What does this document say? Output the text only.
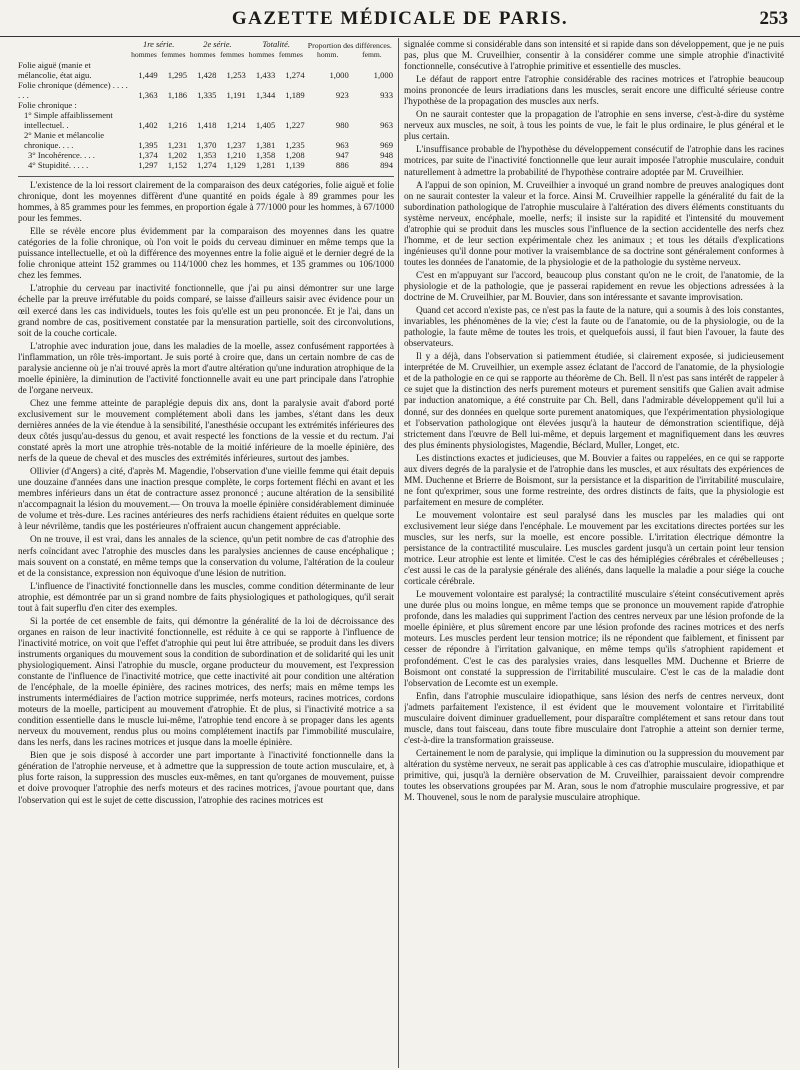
GAZETTE MÉDICALE DE PARIS.	253
	1re série.		2e série.		Totalité.		Proportion des différences.	
	hommes	femmes	hommes	femmes	hommes	femmes	homm.	femm.
Folie aiguë (manie et mélancolie, état aigu.	1,449	1,295	1,428	1,253	1,433	1,274	1,000	1,000
Folie chronique (démence) . . . . . . .	1,363	1,186	1,335	1,191	1,344	1,189	923	933
Folie chronique :								
1° Simple affaiblissement intellectuel. .	1,402	1,216	1,418	1,214	1,405	1,227	980	963
2° Manie et mélancolie chronique. . . .	1,395	1,231	1,370	1,237	1,381	1,235	963	969
3° Incohérence. . . .	1,374	1,202	1,353	1,210	1,358	1,208	947	948
4° Stupidité. . . . .	1,297	1,152	1,274	1,129	1,281	1,139	886	894

L'existence de la loi ressort clairement de la comparaison des deux catégories, folie aiguë et folie chronique, dont les moyennes diffèrent d'une quantité en poids égale à 89 grammes pour les hommes, à 85 grammes pour les femmes, en proportion égale à 77/1000 pour les hommes, à 67/1000 pour les femmes.

Elle se révèle encore plus évidemment par la comparaison des moyennes dans les quatre catégories de la folie chronique, où l'on voit le poids du cerveau diminuer en même temps que la puissance intellectuelle, et où la différence des moyennes entre la folie aiguë et le dernier degré de la folie chronique atteint 152 grammes ou 114/1000 chez les hommes, et 135 grammes ou 106/1000 chez les femmes.

L'atrophie du cerveau par inactivité fonctionnelle, que j'ai pu ainsi démontrer sur une large échelle par la preuve irréfutable du poids comparé, se laisse d'ailleurs saisir avec évidence pour un œil exercé dans les cas individuels, toutes les fois qu'elle est un peu prononcée. Et je l'ai, dans un grand nombre de cas, positivement constatée par la mensuration partielle, soit des circonvolutions, soit de la couche corticale.

L'atrophie avec induration joue, dans les maladies de la moelle, assez confusément rapportées à l'inflammation, un rôle très-important. Je suis porté à croire que, dans un certain nombre de cas de paralysie ancienne où je n'ai trouvé après la mort d'autre altération qu'une induration atrophique de la moelle épinière, la diminution de l'activité fonctionnelle avait eu une part principale dans l'atrophie de l'organe nerveux.

Chez une femme atteinte de paraplégie depuis dix ans, dont la paralysie avait d'abord porté exclusivement sur le mouvement complétement aboli dans les jambes, s'étant dans les deux dernières années de la vie étendue à la sensibilité, l'anesthésie occupant les extrémités inférieures des deux côtés jusqu'au-dessus du genou, et avait respecté les fonctions de la vessie et du rectum. J'ai constaté après la mort une atrophie très-notable de la moitié inférieure de la moelle épinière, des nerfs de la queue de cheval et des muscles des extrémités inférieures, surtout des jambes.

Ollivier (d'Angers) a cité, d'après M. Magendie, l'observation d'une vieille femme qui était depuis une douzaine d'années dans une inaction presque complète, le corps fortement fléchi en avant et les membres inférieurs dans un état de contracture assez prononcé ; aucune altération de la sensibilité n'accompagnait la lésion du mouvement.— On trouva la moelle épinière considérablement diminuée de volume et très-dure. Les racines antérieures des nerfs rachidiens étaient réduites en quelque sorte à leur névrilème, tandis que les postérieures n'offraient aucun changement appréciable.

On ne trouve, il est vrai, dans les annales de la science, qu'un petit nombre de cas d'atrophie des nerfs coïncidant avec l'atrophie des muscles dans les paralysies anciennes de cause encéphalique ; mais souvent on a constaté, en même temps que la conservation du volume, l'altération de la couleur et de la consistance, expression non équivoque d'une lésion de nutrition.

L'influence de l'inactivité fonctionnelle dans les muscles, comme condition déterminante de leur atrophie, est démontrée par un si grand nombre de faits physiologiques et pathologiques, qu'il serait tout à fait superflu d'en citer des exemples.

Si la portée de cet ensemble de faits, qui démontre la généralité de la loi de décroissance des organes en raison de leur inactivité fonctionnelle, est réduite à ce qui se rapporte à l'influence de l'inactivité motrice, on voit que l'effet d'atrophie qui peut lui être attribuée, se produit dans les divers instruments organiques du mouvement sous la condition de subordination et de solidarité qui les unit physiologiquement. Ainsi l'atrophie du muscle, organe producteur du mouvement, est l'expression constante de l'influence de l'inactivité motrice, que cette inactivité ait pour condition une altération de l'encéphale, de la moelle épinière, des racines motrices, des nerfs; mais en même temps les instruments intermédiaires de l'action motrice supprimée, nerfs moteurs, racines motrices, cordons moteurs de la moelle, participent au mouvement d'atrophie. Et de plus, si l'inactivité motrice a sa condition essentielle dans le muscle lui-même, l'atrophie tend encore à se propager dans les agents nerveux du mouvement, rendus plus ou moins complétement inactifs par l'immobilité musculaire, dans les nerfs, dans les racines motrices et jusque dans la moelle épinière.

Bien que je sois disposé à accorder une part importante à l'inactivité fonctionnelle dans la génération de l'atrophie nerveuse, et à admettre que la suppression de toute action musculaire, et, à plus forte raison, la suppression des muscles eux-mêmes, en tant qu'organes de mouvement, puisse et doive provoquer l'atrophie des nerfs moteurs et des racines motrices, j'avoue pourtant que, dans l'observation qui est le sujet de cette discussion, l'atrophie des racines motrices est

signalée comme si considérable dans son intensité et si rapide dans son développement, que je ne puis pas, plus que M. Cruveilhier, consentir à la considérer comme une simple atrophie d'inactivité fonctionnelle, consécutive à l'atrophie primitive et essentielle des muscles.

Le défaut de rapport entre l'atrophie considérable des racines motrices et l'atrophie beaucoup moins prononcée de leurs irradiations dans les muscles, serait encore une difficulté sérieuse contre l'hypothèse de la propagation des muscles aux nerfs.

On ne saurait contester que la propagation de l'atrophie en sens inverse, c'est-à-dire du système nerveux aux muscles, ne soit, à tous les points de vue, le fait le plus ordinaire, le plus général et le plus certain.

L'insuffisance probable de l'hypothèse du développement consécutif de l'atrophie dans les racines motrices, par suite de l'inactivité fonctionnelle que leur aurait imposée l'atrophie musculaire, conduit naturellement à admettre la probabilité de l'hypothèse contraire adoptée par M. Cruveilhier.

A l'appui de son opinion, M. Cruveilhier a invoqué un grand nombre de preuves analogiques dont on ne saurait contester la valeur et la force. Ainsi M. Cruveilhier rappelle la généralité du fait de la subordination pathologique de l'atrophie musculaire à l'altération des divers éléments constituants du système nerveux, encéphale, moelle, nerfs; il insiste sur la rapidité et l'intensité du mouvement d'atrophie qui se produit dans les muscles sous l'influence de la section accidentelle des nerfs chez l'homme, et de leur section expérimentale chez les animaux ; et tous les détails d'explications ingénieuses qu'il donne pour motiver la vraisemblance de sa doctrine sont généralement conformes à toutes les données de l'anatomie, de la physiologie et de la pathologie du système nerveux.

C'est en m'appuyant sur l'accord, beaucoup plus constant qu'on ne le croit, de l'anatomie, de la physiologie et de la pathologie, que je passerai rapidement en revue les objections adressées à la doctrine de M. Cruveilhier, par M. Bouvier, dans son intéressante et savante improvisation.

Quand cet accord n'existe pas, ce n'est pas la faute de la nature, qui a soumis à des lois constantes, invariables, les phénomènes de la vie; c'est la faute ou de l'anatomie, ou de la physiologie, ou de la pathologie, la faute même de toutes les trois, et quelquefois aussi, il faut bien l'avouer, la faute des observateurs.

Il y a déjà, dans l'observation si patiemment étudiée, si clairement exposée, si judicieusement interprétée de M. Cruveilhier, un exemple assez éclatant de l'accord de l'anatomie, de la physiologie et de la pathologie en ce qui se rapporte au théorème de Ch. Bell. Il n'est pas sans intérêt de rappeler à ce sujet que la distinction des nerfs purement moteurs et purement sensitifs que Galien avait admise par induction anatomique, a été construite par Ch. Bell, dans l'admirable développement qu'il lui a donné, sur des données en quelque sorte purement anatomiques, que l'expérimentation physiologique et l'observation pathologique ont élevées jusqu'à la hauteur de démonstration scientifique, déjà strictement dans l'œuvre de Bell lui-même, et depuis largement et magnifiquement dans les œuvres des plus éminents physiologistes, Magendie, Béclard, Muller, Longet, etc.

Les distinctions exactes et judicieuses, que M. Bouvier a faites ou rappelées, en ce qui se rapporte aux divers degrés de la paralysie et de l'atrophie dans les muscles, et aux résultats des expériences de MM. Duchenne et Brierre de Boismont, sur la persistance et la disparition de l'irritabilité musculaire, ne font qu'exprimer, sous une forme restreinte, des ordres distincts de faits, que la physiologie est parfaitement en mesure de compléter.

Le mouvement volontaire est seul paralysé dans les muscles par les maladies qui ont exclusivement leur siége dans l'encéphale. Le mouvement par les excitations directes portées sur les muscles, sur les nerfs, sur la moelle, est encore possible. L'irritation électrique démontre la persistance de la contractilité musculaire. Les muscles gardent jusqu'à un certain point leur tension motrice. Leur atrophie est lente et limitée. C'est le cas des hémiplégies cérébrales et cérébelleuses ; c'est aussi le cas de la paralysie générale des aliénés, dans laquelle la maladie a pour siége la couche corticale cérébrale.

Le mouvement volontaire est paralysé; la contractilité musculaire s'éteint consécutivement après une durée plus ou moins longue, en même temps que se prononce un mouvement rapide d'atrophie profonde, dans les maladies qui suppriment l'action des centres nerveux par une lésion profonde de la moelle épinière, et plus sûrement encore par une lésion profonde des racines motrices et des nerfs moteurs. Les muscles perdent leur tension motrice; ils ne répondent que faiblement, et finissent par cesser de répondre à l'irritation galvanique, en même temps qu'ils s'atrophient rapidement et profondément. C'est le cas des paralysies vraies, dans lesquelles MM. Duchenne et Brierre de Boismont ont constaté la suppression de l'irritabilité musculaire. C'est le cas de la maladie dont l'observation de Lecomte est un exemple.

Enfin, dans l'atrophie musculaire idiopathique, sans lésion des nerfs de centres nerveux, dont j'admets parfaitement l'existence, il est évident que le mouvement volontaire et l'irritabilité musculaire doivent diminuer graduellement, pour disparaître complétement et sans retour dans tout muscle, dans tout faisceau, dans toute fibre musculaire dont l'atrophie a atteint son dernier terme, c'est-à-dire la transformation graisseuse.

Certainement le nom de paralysie, qui implique la diminution ou la suppression du mouvement par altération du système nerveux, ne serait pas applicable à ces cas d'atrophie musculaire, idiopathique et primitive, qui, jusqu'à la dernière observation de M. Cruveilhier, paraissaient devoir comprendre toutes les observations groupées par M. Aran, sous le nom d'atrophie musculaire progressive, et par M. Thouvenel, sous le nom de paralysie musculaire atrophique.
